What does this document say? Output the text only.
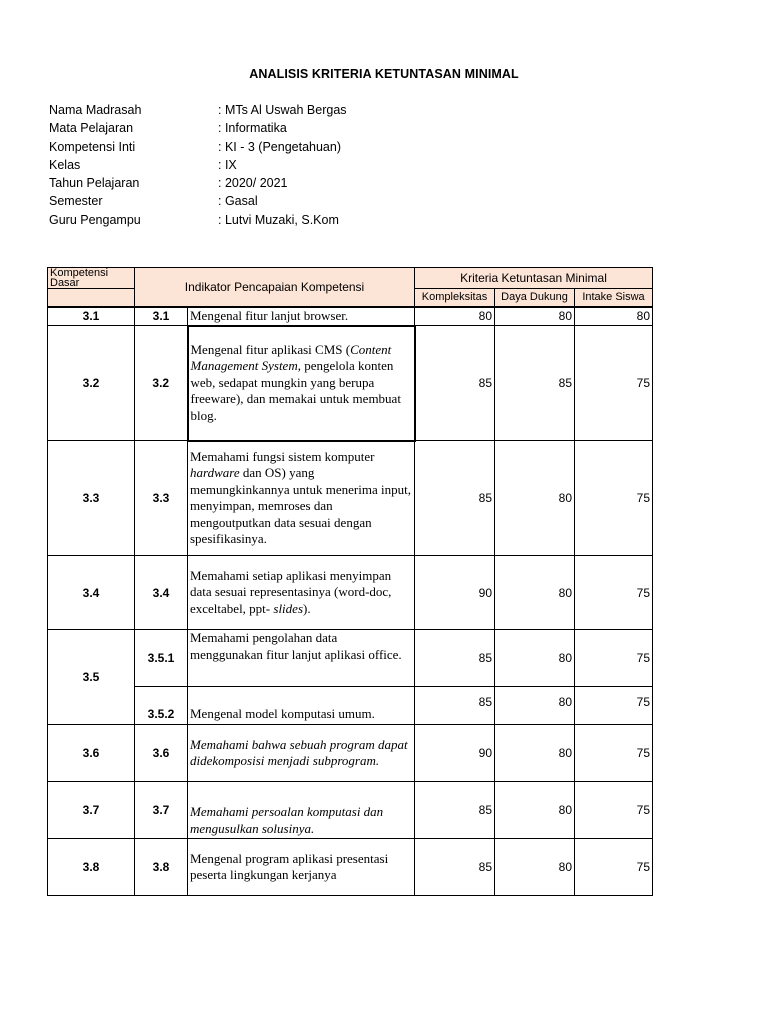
ANALISIS KRITERIA KETUNTASAN MINIMAL
Nama Madrasah	: MTs Al Uswah Bergas
Mata Pelajaran	: Informatika
Kompetensi Inti	: KI - 3 (Pengetahuan)
Kelas	: IX
Tahun Pelajaran	: 2020/ 2021
Semester	: Gasal
Guru Pengampu	: Lutvi Muzaki, S.Kom
Kompetensi Dasar	Indikator Pencapaian Kompetensi		Kriteria Ketuntasan Minimal		
			Kompleksitas	Daya Dukung	Intake Siswa
3.1	3.1	Mengenal fitur lanjut browser.	80	80	80
3.2	3.2	Mengenal fitur aplikasi CMS (Content Management System, pengelola konten web, sedapat mungkin yang berupa freeware), dan memakai untuk membuat blog.	85	85	75
3.3	3.3	Memahami fungsi sistem komputer hardware dan OS) yang memungkinkannya untuk menerima input, menyimpan, memroses dan mengoutputkan data sesuai dengan spesifikasinya.	85	80	75
3.4	3.4	Memahami setiap aplikasi menyimpan data sesuai representasinya (word-doc, exceltabel, ppt- slides).	90	80	75
3.5	3.5.1	Memahami pengolahan data menggunakan fitur lanjut aplikasi office.	85	80	75
	3.5.2	Mengenal model komputasi umum.	85	80	75
3.6	3.6	Memahami bahwa sebuah program dapat didekomposisi menjadi subprogram.	90	80	75
3.7	3.7	Memahami persoalan komputasi dan mengusulkan solusinya.	85	80	75
3.8	3.8	Mengenal program aplikasi presentasi peserta lingkungan kerjanya	85	80	75
